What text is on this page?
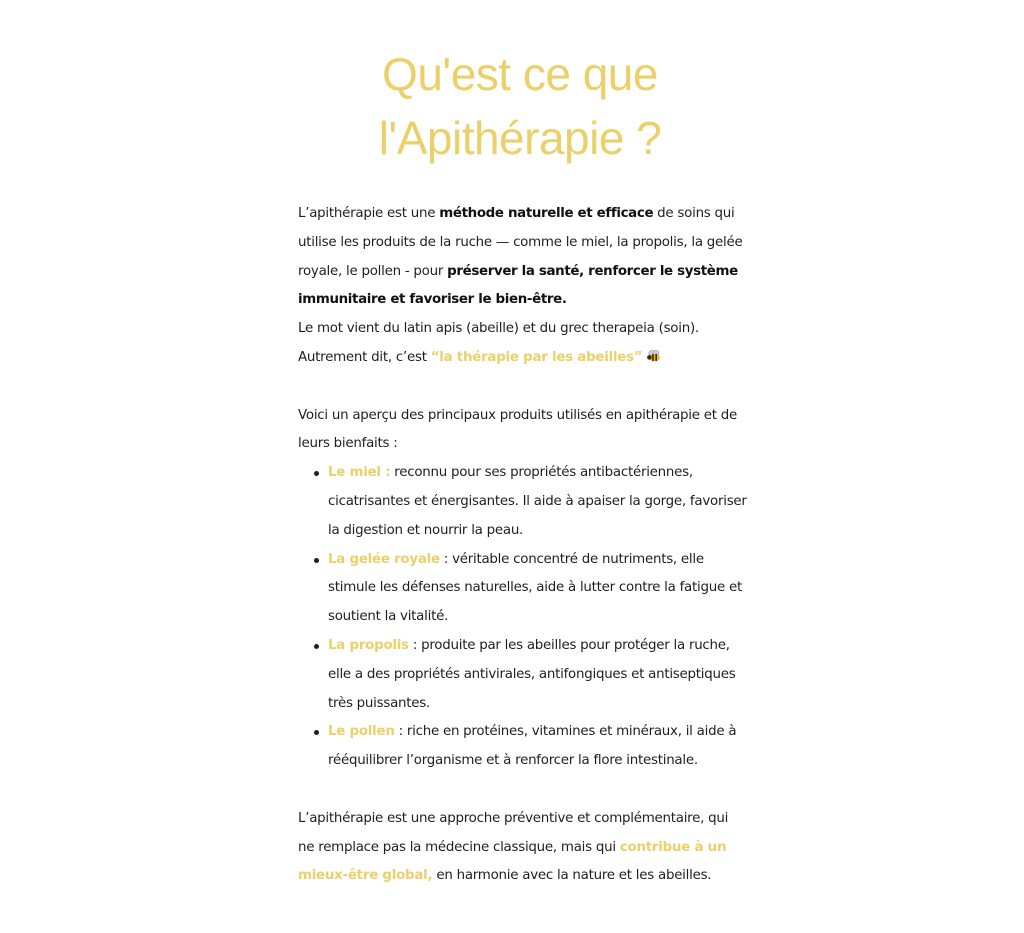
Qu'est ce que
l'Apithérapie ?

L’apithérapie est une méthode naturelle et efficace de soins qui utilise les produits de la ruche — comme le miel, la propolis, la gelée royale, le pollen - pour préserver la santé, renforcer le système immunitaire et favoriser le bien-être.

Le mot vient du latin apis (abeille) et du grec therapeia (soin).

Autrement dit, c’est “la thérapie par les abeilles”

Voici un aperçu des principaux produits utilisés en apithérapie et de leurs bienfaits :

Le miel : reconnu pour ses propriétés antibactériennes, cicatrisantes et énergisantes. Il aide à apaiser la gorge, favoriser la digestion et nourrir la peau.
La gelée royale : véritable concentré de nutriments, elle stimule les défenses naturelles, aide à lutter contre la fatigue et soutient la vitalité.
La propolis : produite par les abeilles pour protéger la ruche, elle a des propriétés antivirales, antifongiques et antiseptiques très puissantes.
Le pollen : riche en protéines, vitamines et minéraux, il aide à rééquilibrer l’organisme et à renforcer la flore intestinale.

L’apithérapie est une approche préventive et complémentaire, qui ne remplace pas la médecine classique, mais qui contribue à un mieux-être global, en harmonie avec la nature et les abeilles.
